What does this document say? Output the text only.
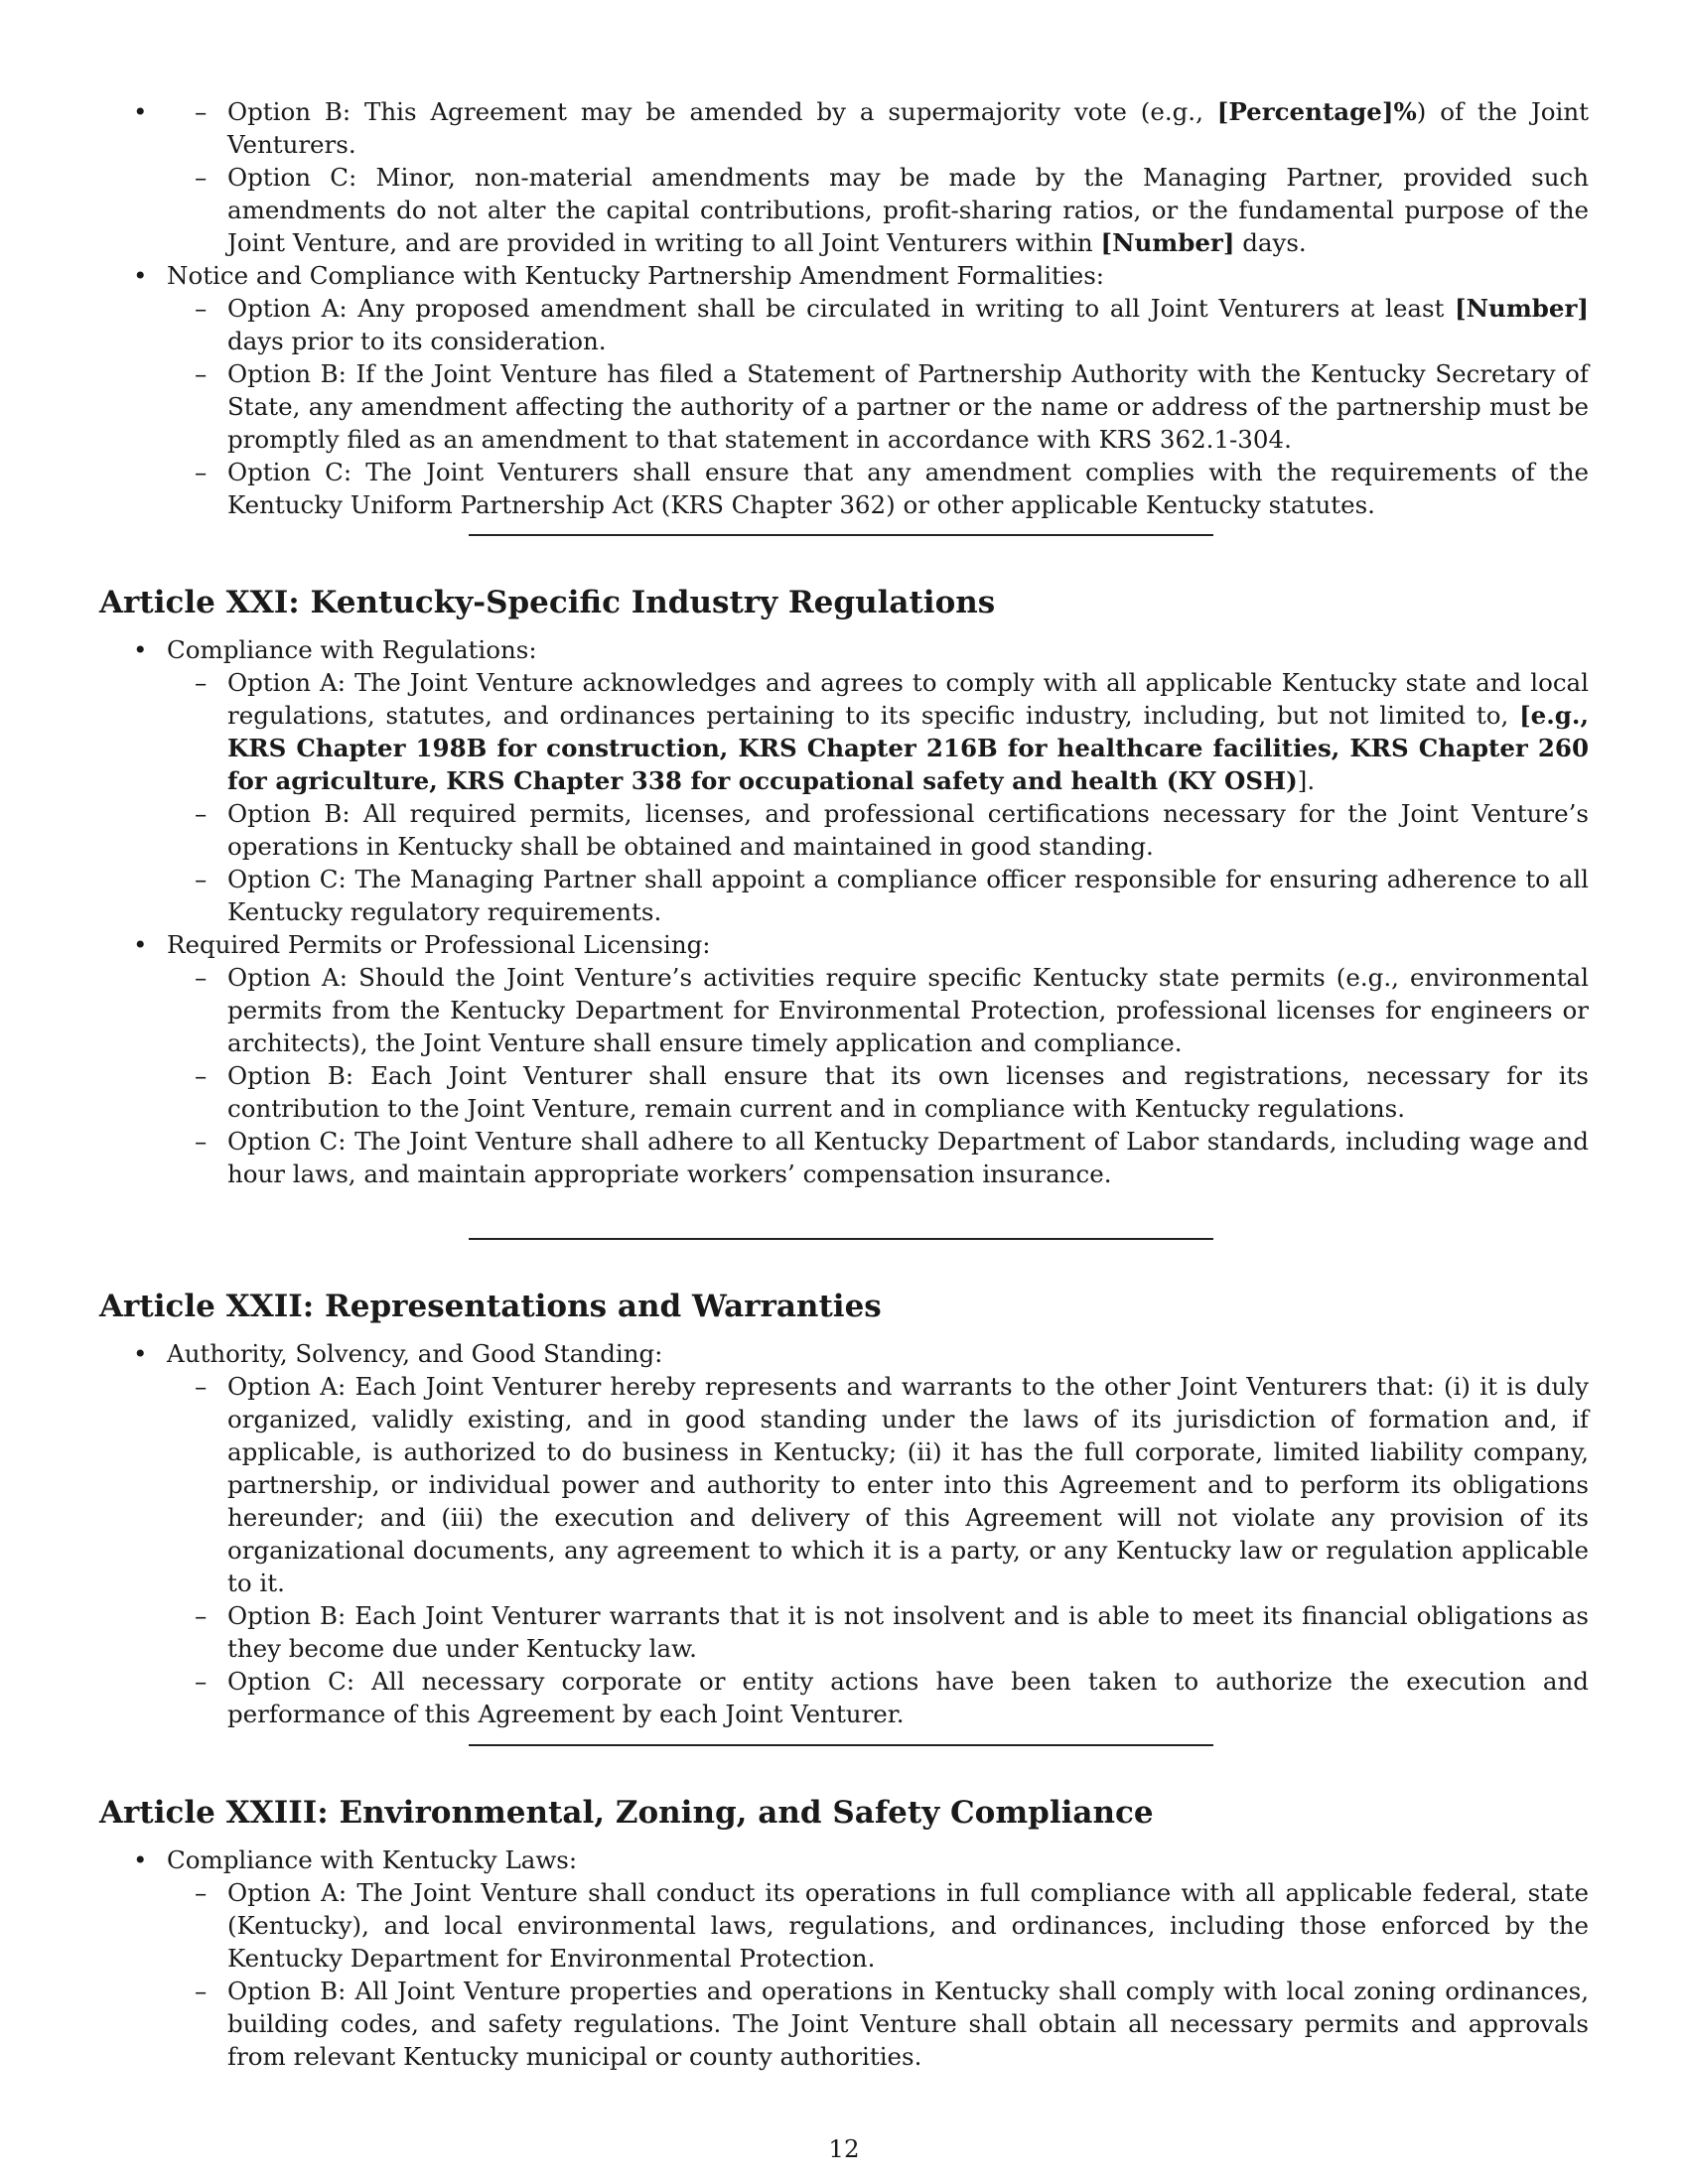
– • Option B: This Agreement may be amended by a supermajority vote (e.g., [Percentage]%) of the Joint Venturers.
– Option C: Minor, non-material amendments may be made by the Managing Partner, provided such amendments do not alter the capital contributions, profit-sharing ratios, or the fundamental purpose of the Joint Venture, and are provided in writing to all Joint Venturers within [Number] days.
• Notice and Compliance with Kentucky Partnership Amendment Formalities:
– Option A: Any proposed amendment shall be circulated in writing to all Joint Venturers at least [Number] days prior to its consideration.
– Option B: If the Joint Venture has filed a Statement of Partnership Authority with the Kentucky Secretary of State, any amendment affecting the authority of a partner or the name or address of the partnership must be promptly filed as an amendment to that statement in accordance with KRS 362.1-304.
– Option C: The Joint Venturers shall ensure that any amendment complies with the requirements of the Kentucky Uniform Partnership Act (KRS Chapter 362) or other applicable Kentucky statutes.
Article XXI: Kentucky-Specific Industry Regulations
• Compliance with Regulations:
– Option A: The Joint Venture acknowledges and agrees to comply with all applicable Kentucky state and local regulations, statutes, and ordinances pertaining to its specific industry, including, but not limited to, [e.g., KRS Chapter 198B for construction, KRS Chapter 216B for healthcare facilities, KRS Chapter 260 for agriculture, KRS Chapter 338 for occupational safety and health (KY OSH)].
– Option B: All required permits, licenses, and professional certifications necessary for the Joint Venture’s operations in Kentucky shall be obtained and maintained in good standing.
– Option C: The Managing Partner shall appoint a compliance officer responsible for ensuring adherence to all Kentucky regulatory requirements.
• Required Permits or Professional Licensing:
– Option A: Should the Joint Venture’s activities require specific Kentucky state permits (e.g., environmental permits from the Kentucky Department for Environmental Protection, professional licenses for engineers or architects), the Joint Venture shall ensure timely application and compliance.
– Option B: Each Joint Venturer shall ensure that its own licenses and registrations, necessary for its contribution to the Joint Venture, remain current and in compliance with Kentucky regulations.
– Option C: The Joint Venture shall adhere to all Kentucky Department of Labor standards, including wage and hour laws, and maintain appropriate workers’ compensation insurance.
Article XXII: Representations and Warranties
• Authority, Solvency, and Good Standing:
– Option A: Each Joint Venturer hereby represents and warrants to the other Joint Venturers that: (i) it is duly organized, validly existing, and in good standing under the laws of its jurisdiction of formation and, if applicable, is authorized to do business in Kentucky; (ii) it has the full corporate, limited liability company, partnership, or individual power and authority to enter into this Agreement and to perform its obligations hereunder; and (iii) the execution and delivery of this Agreement will not violate any provision of its organizational documents, any agreement to which it is a party, or any Kentucky law or regulation applicable to it.
– Option B: Each Joint Venturer warrants that it is not insolvent and is able to meet its financial obligations as they become due under Kentucky law.
– Option C: All necessary corporate or entity actions have been taken to authorize the execution and performance of this Agreement by each Joint Venturer.
Article XXIII: Environmental, Zoning, and Safety Compliance
• Compliance with Kentucky Laws:
– Option A: The Joint Venture shall conduct its operations in full compliance with all applicable federal, state (Kentucky), and local environmental laws, regulations, and ordinances, including those enforced by the Kentucky Department for Environmental Protection.
– Option B: All Joint Venture properties and operations in Kentucky shall comply with local zoning ordinances, building codes, and safety regulations. The Joint Venture shall obtain all necessary permits and approvals from relevant Kentucky municipal or county authorities.
12
